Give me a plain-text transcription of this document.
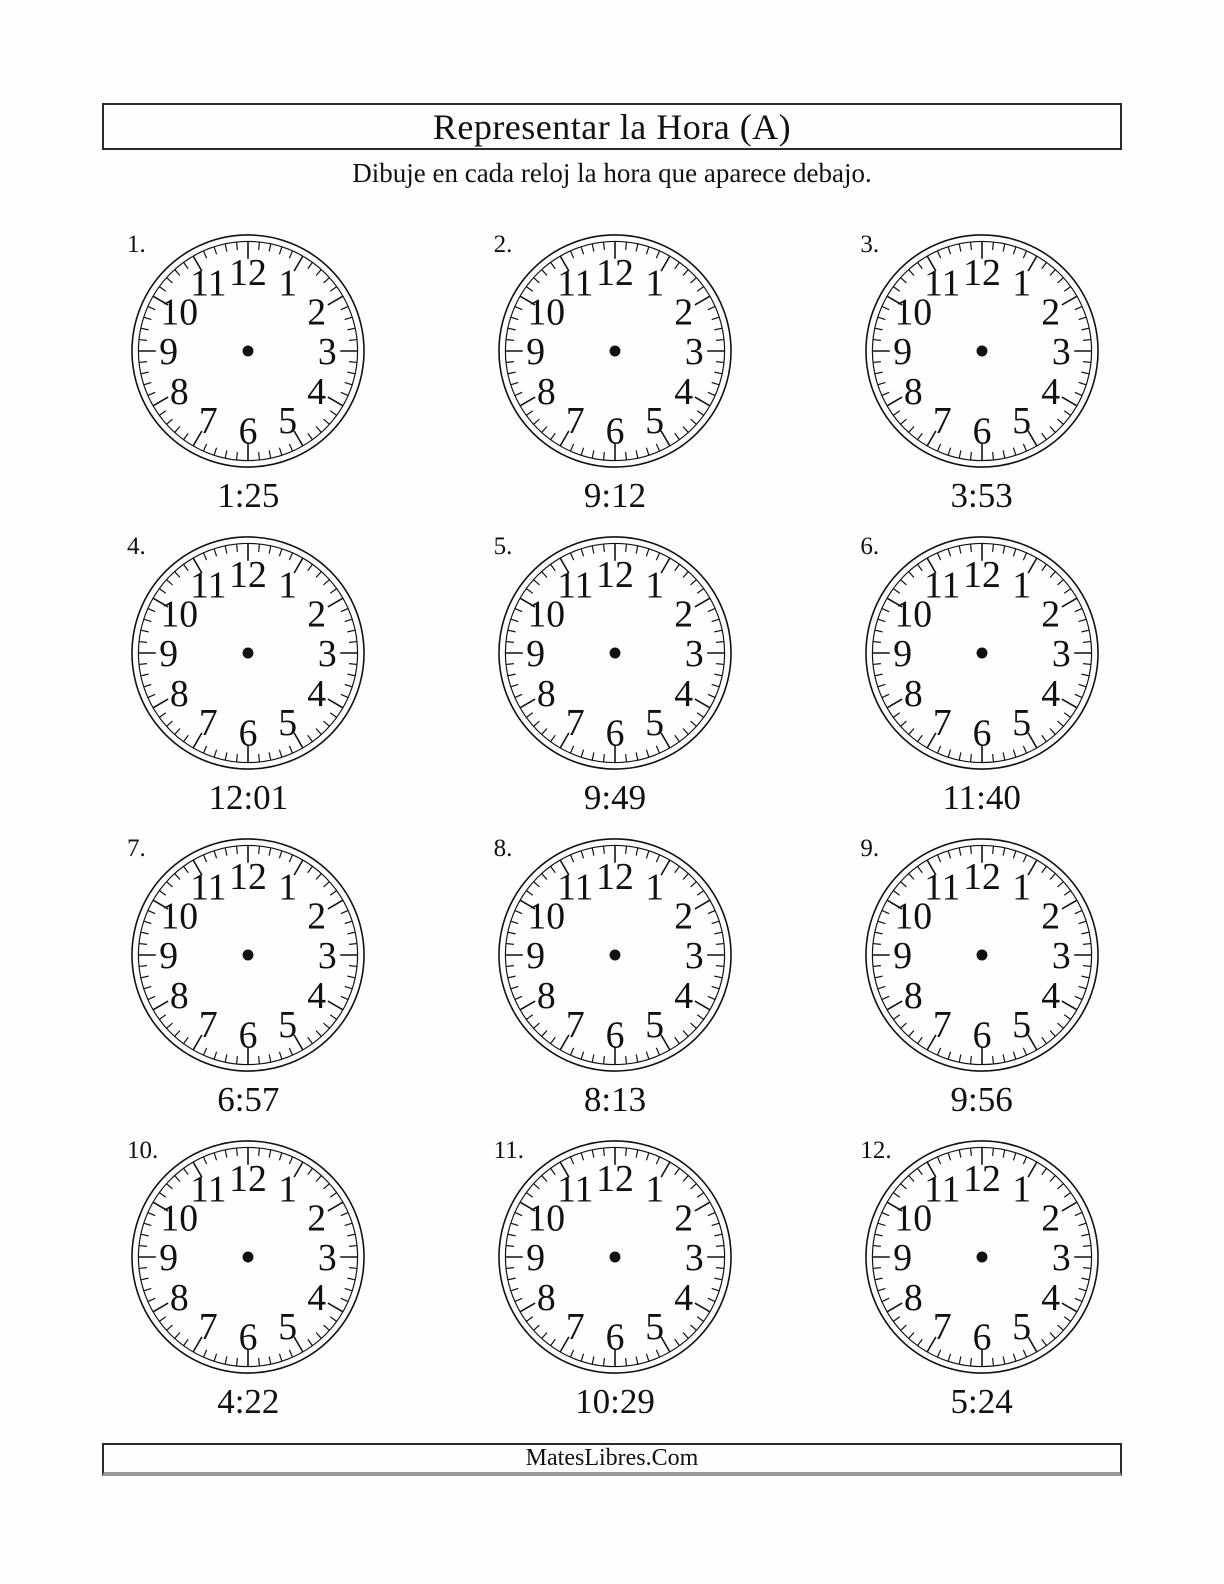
Representar la Hora (A)

Dibuje en cada reloj la hora que aparece debajo.

1.
12 1
2
3
4
5
6
7
8
9
10
11
1:25
2.
12 1
2
3
4
5
6
7
8
9
10
11
9:12
3.
12 1
2
3
4
5
6
7
8
9
10
11
3:53
4.
12 1
2
3
4
5
6
7
8
9
10
11
12:01
5.
12 1
2
3
4
5
6
7
8
9
10
11
9:49
6.
12 1
2
3
4
5
6
7
8
9
10
11
11:40
7.
12 1
2
3
4
5
6
7
8
9
10
11
6:57
8.
12 1
2
3
4
5
6
7
8
9
10
11
8:13
9.
12 1
2
3
4
5
6
7
8
9
10
11
9:56
10.
12 1
2
3
4
5
6
7
8
9
10
11
4:22
11.
12 1
2
3
4
5
6
7
8
9
10
11
10:29
12.
12 1
2
3
4
5
6
7
8
9
10
11
5:24
MatesLibres.Com
